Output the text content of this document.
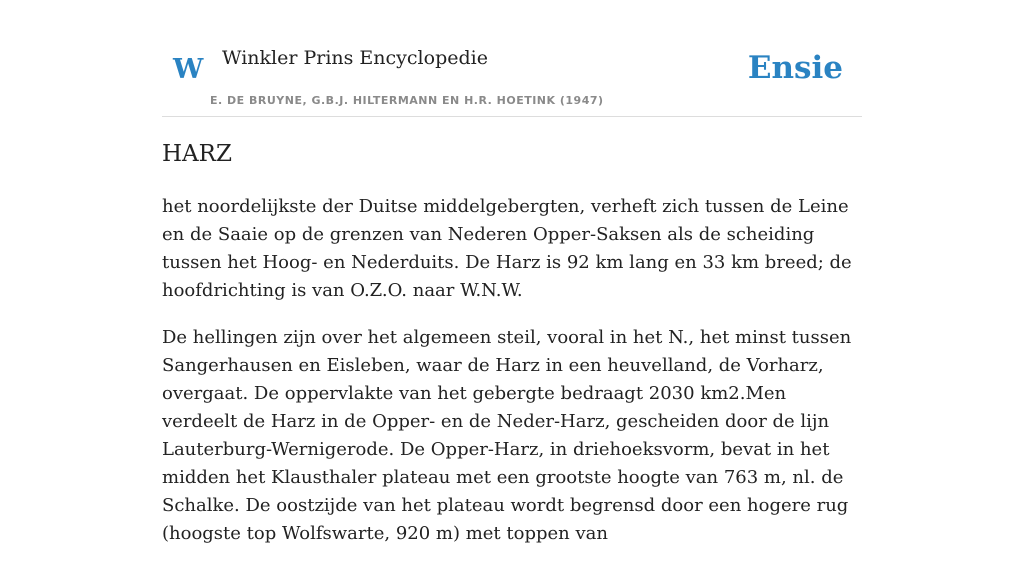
W Winkler Prins Encyclopedie
E. DE BRUYNE, G.B.J. HILTERMANN EN H.R. HOETINK (1947)
Ensie
HARZ

het noordelijkste der Duitse middelgebergten, verheft zich tussen de Leine en de Saaie op de grenzen van Nederen Opper-Saksen als de scheiding tussen het Hoog- en Nederduits. De Harz is 92 km lang en 33 km breed; de hoofdrichting is van O.Z.O. naar W.N.W.

De hellingen zijn over het algemeen steil, vooral in het N., het minst tussen Sangerhausen en Eisleben, waar de Harz in een heuvelland, de Vorharz, overgaat. De oppervlakte van het gebergte bedraagt 2030 km2.Men verdeelt de Harz in de Opper- en de Neder-Harz, gescheiden door de lijn Lauterburg-Wernigerode. De Opper-Harz, in driehoeksvorm, bevat in het midden het Klausthaler plateau met een grootste hoogte van 763 m, nl. de Schalke. De oostzijde van het plateau wordt begrensd door een hogere rug (hoogste top Wolfswarte, 920 m) met toppen van
